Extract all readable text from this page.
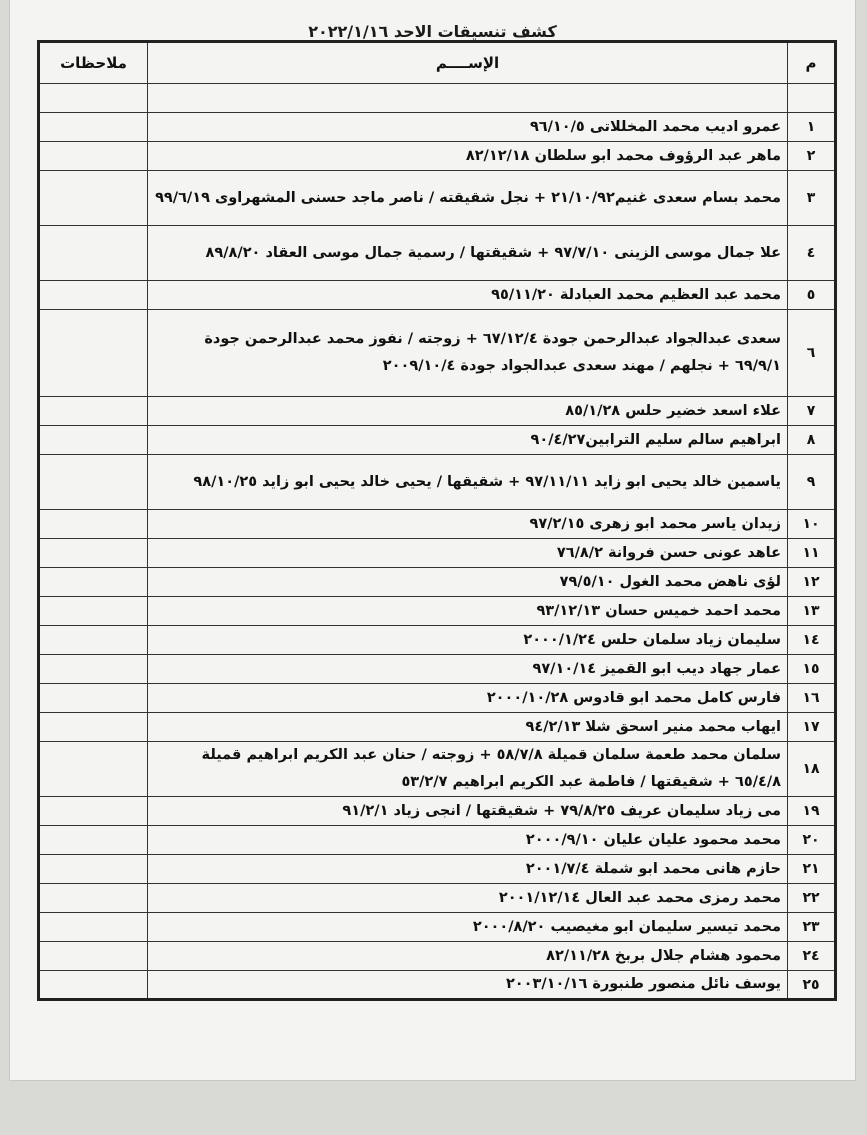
كشف تنسيقات الاحد ٢٠٢٢/١/١٦
م	الإســــم	ملاحظات

١	عمرو اديب محمد المخللاتى ٩٦/١٠/٥	
٢	ماهر عبد الرؤوف محمد ابو سلطان ٨٢/١٢/١٨	
٣	محمد بسام سعدى غنيم٢١/١٠/٩٢ + نجل شقيقته / ناصر ماجد حسنى المشهراوى ٩٩/٦/١٩	
٤	علا جمال موسى الزينى ٩٧/٧/١٠ + شقيقتها / رسمية جمال موسى العقاد ٨٩/٨/٢٠	
٥	محمد عبد العظيم محمد العبادلة ٩٥/١١/٢٠	
٦	سعدى عبدالجواد عبدالرحمن جودة ٦٧/١٢/٤ + زوجته / نفوز محمد عبدالرحمن جودة ٦٩/٩/١ + نجلهم / مهند سعدى عبدالجواد جودة ٢٠٠٩/١٠/٤	
٧	علاء اسعد خضير حلس ٨٥/١/٢٨	
٨	ابراهيم سالم سليم الترابين٩٠/٤/٢٧	
٩	ياسمين خالد يحيى ابو زايد ٩٧/١١/١١ + شقيقها / يحيى خالد يحيى ابو زايد ٩٨/١٠/٢٥	
١٠	زيدان ياسر محمد ابو زهرى ٩٧/٢/١٥	
١١	عاهد عونى حسن فروانة ٧٦/٨/٢	
١٢	لؤى ناهض محمد الغول ٧٩/٥/١٠	
١٣	محمد احمد خميس حسان ٩٣/١٢/١٣	
١٤	سليمان زياد سلمان حلس ٢٠٠٠/١/٢٤	
١٥	عمار جهاد ديب ابو القميز ٩٧/١٠/١٤	
١٦	فارس كامل محمد ابو قادوس ٢٠٠٠/١٠/٢٨	
١٧	ايهاب محمد منير اسحق شلا ٩٤/٢/١٣	
١٨	سلمان محمد طعمة سلمان قميلة ٥٨/٧/٨ + زوجته / حنان عبد الكريم ابراهيم قميلة ٦٥/٤/٨ + شقيقتها / فاطمة عبد الكريم ابراهيم ٥٣/٢/٧	
١٩	مى زياد سليمان عريف ٧٩/٨/٢٥ + شقيقتها / انجى زياد ٩١/٢/١	
٢٠	محمد محمود عليان عليان ٢٠٠٠/٩/١٠	
٢١	حازم هانى محمد ابو شملة ٢٠٠١/٧/٤	
٢٢	محمد رمزى محمد عبد العال ٢٠٠١/١٢/١٤	
٢٣	محمد تيسير سليمان ابو مغيصيب ٢٠٠٠/٨/٢٠	
٢٤	محمود هشام جلال بربخ ٨٢/١١/٢٨	
٢٥	يوسف نائل منصور طنبورة ٢٠٠٣/١٠/١٦	
